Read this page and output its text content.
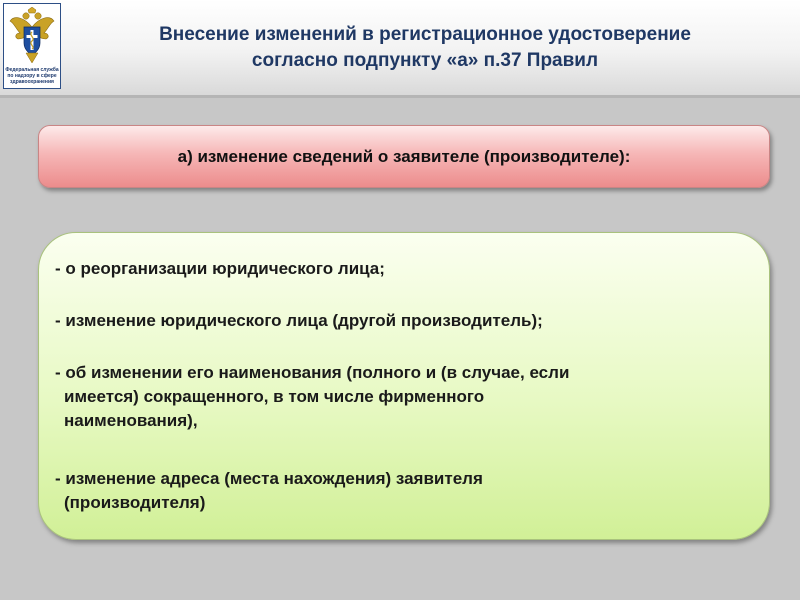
Федеральная служба
по надзору в сфере
здравоохранения
Внесение изменений в регистрационное удостоверение
согласно подпункту «а» п.37 Правил
а) изменение сведений о заявителе (производителе):
- о реорганизации юридического лица;
- изменение юридического лица (другой производитель);
- об изменении его наименования (полного и (в случае, если
имеется) сокращенного, в том числе фирменного
наименования),
- изменение адреса (места нахождения) заявителя
(производителя)
